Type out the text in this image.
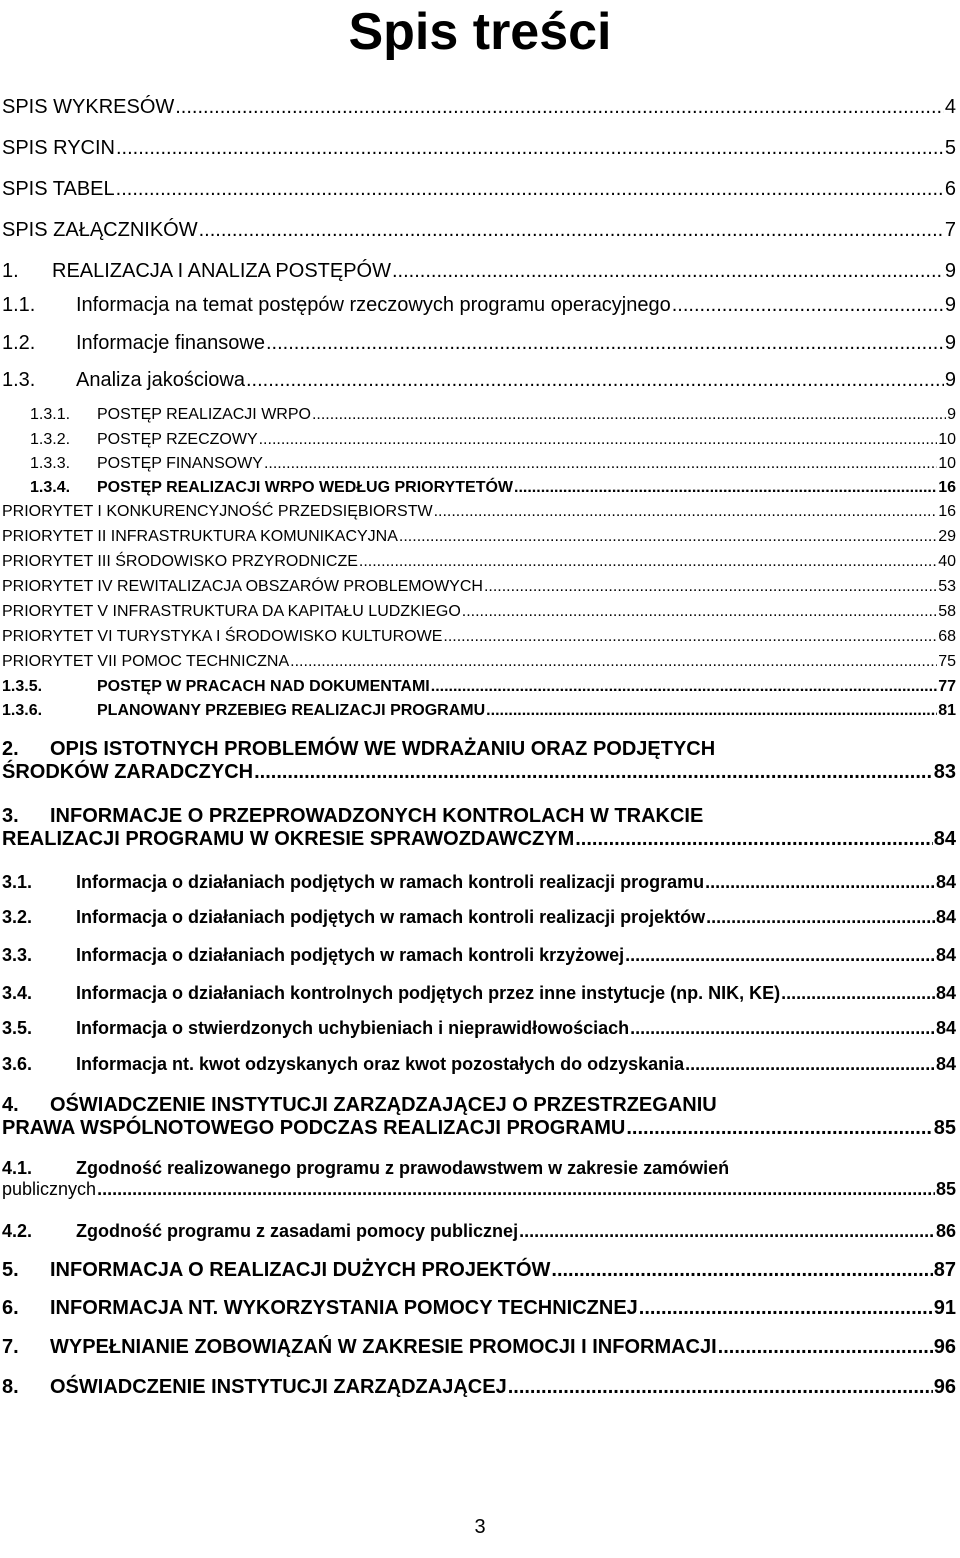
Spis treści
SPIS WYKRESÓW .....	4
SPIS RYCIN .....	5
SPIS TABEL .....	6
SPIS ZAŁĄCZNIKÓW .....	7
1.	REALIZACJA I ANALIZA POSTĘPÓW .....	9
1.1.	Informacja na temat postępów rzeczowych programu operacyjnego .....	9
1.2.	Informacje finansowe .....	9
1.3.	Analiza jakościowa .....	9
1.3.1.	POSTĘP REALIZACJI WRPO .....	9
1.3.2.	POSTĘP RZECZOWY .....	10
1.3.3.	POSTĘP FINANSOWY .....	10
1.3.4.	POSTĘP REALIZACJI WRPO WEDŁUG PRIORYTETÓW .....	16
PRIORYTET I KONKURENCYJNOŚĆ PRZEDSIĘBIORSTW .....	16
PRIORYTET II INFRASTRUKTURA KOMUNIKACYJNA .....	29
PRIORYTET III ŚRODOWISKO PRZYRODNICZE .....	40
PRIORYTET IV REWITALIZACJA OBSZARÓW PROBLEMOWYCH .....	53
PRIORYTET V INFRASTRUKTURA DA KAPITAŁU LUDZKIEGO .....	58
PRIORYTET VI TURYSTYKA I ŚRODOWISKO KULTUROWE .....	68
PRIORYTET VII POMOC TECHNICZNA .....	75
1.3.5.	POSTĘP W PRACACH NAD DOKUMENTAMI .....	77
1.3.6.	PLANOWANY PRZEBIEG REALIZACJI PROGRAMU .....	81
2. OPIS ISTOTNYCH PROBLEMÓW WE WDRAŻANIU ORAZ PODJĘTYCH
ŚRODKÓW ZARADCZYCH .....	83
3. INFORMACJE O PRZEPROWADZONYCH KONTROLACH W TRAKCIE
REALIZACJI PROGRAMU W OKRESIE SPRAWOZDAWCZYM .....	84
3.1.	Informacja o działaniach podjętych w ramach kontroli realizacji programu .....	84
3.2.	Informacja o działaniach podjętych w ramach kontroli realizacji projektów .....	84
3.3.	Informacja o działaniach podjętych w ramach kontroli krzyżowej .....	84
3.4.	Informacja o działaniach kontrolnych podjętych przez inne instytucje (np. NIK, KE) .....	84
3.5.	Informacja o stwierdzonych uchybieniach i nieprawidłowościach .....	84
3.6.	Informacja nt. kwot odzyskanych oraz kwot pozostałych do odzyskania .....	84
4. OŚWIADCZENIE INSTYTUCJI ZARZĄDZAJĄCEJ O PRZESTRZEGANIU
PRAWA WSPÓLNOTOWEGO PODCZAS REALIZACJI PROGRAMU .....	85
4.1. Zgodność realizowanego programu z prawodawstwem w zakresie zamówień
publicznych .....	85
4.2.	Zgodność programu z zasadami pomocy publicznej .....	86
5.	INFORMACJA O REALIZACJI DUŻYCH PROJEKTÓW .....	87
6.	INFORMACJA NT. WYKORZYSTANIA POMOCY TECHNICZNEJ .....	91
7.	WYPEŁNIANIE ZOBOWIĄZAŃ W ZAKRESIE PROMOCJI I INFORMACJI .....	96
8.	OŚWIADCZENIE INSTYTUCJI ZARZĄDZAJĄCEJ .....	96
3
